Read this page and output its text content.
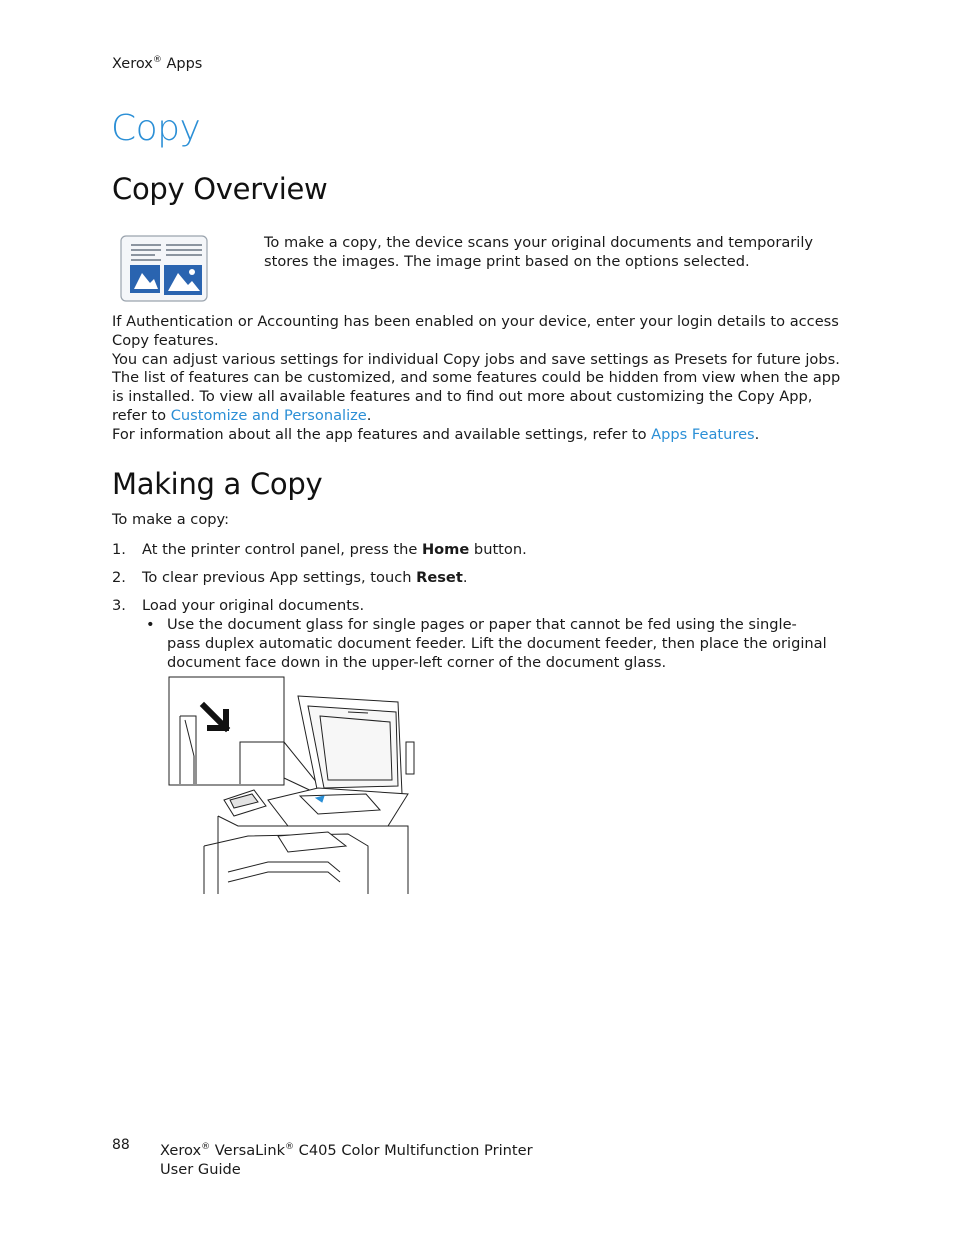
Xerox® Apps
Copy
Copy Overview
To make a copy, the device scans your original documents and temporarily stores the images. The image print based on the options selected.
If Authentication or Accounting has been enabled on your device, enter your login details to access Copy features.
You can adjust various settings for individual Copy jobs and save settings as Presets for future jobs. The list of features can be customized, and some features could be hidden from view when the app is installed. To view all available features and to find out more about customizing the Copy App, refer to Customize and Personalize.
For information about all the app features and available settings, refer to Apps Features.
Making a Copy
To make a copy:
1. At the printer control panel, press the Home button.
2. To clear previous App settings, touch Reset.
3. Load your original documents.
• Use the document glass for single pages or paper that cannot be fed using the single-pass duplex automatic document feeder. Lift the document feeder, then place the original document face down in the upper-left corner of the document glass.
88 Xerox® VersaLink® C405 Color Multifunction Printer
User Guide
